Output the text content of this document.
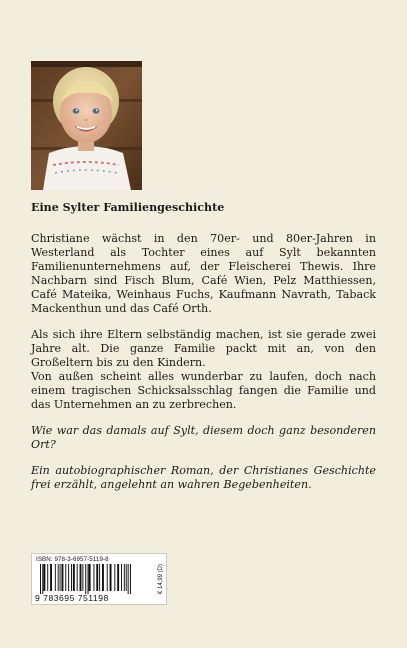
Eine Sylter Familiengeschichte

Christiane wächst in den 70er- und 80er-Jahren in Westerland als Tochter eines auf Sylt bekannten Familienunternehmens auf, der Fleischerei Thewis. Ihre Nachbarn sind Fisch Blum, Café Wien, Pelz Matthiessen, Café Mateika, Weinhaus Fuchs, Kaufmann Navrath, Taback Mackenthun und das Café Orth.

Als sich ihre Eltern selbständig machen, ist sie gerade zwei Jahre alt. Die ganze Familie packt mit an, von den Großeltern bis zu den Kindern.

Von außen scheint alles wunderbar zu laufen, doch nach einem tragischen Schicksalsschlag fangen die Familie und das Unternehmen an zu zerbrechen.

Wie war das damals auf Sylt, diesem doch ganz besonderen Ort?

Ein autobiographischer Roman, der Christianes Geschichte frei erzählt, angelehnt an wahren Begebenheiten.

ISBN: 978-3-6957-5119-8
9 783695 751198
€ 14,99 (D)
